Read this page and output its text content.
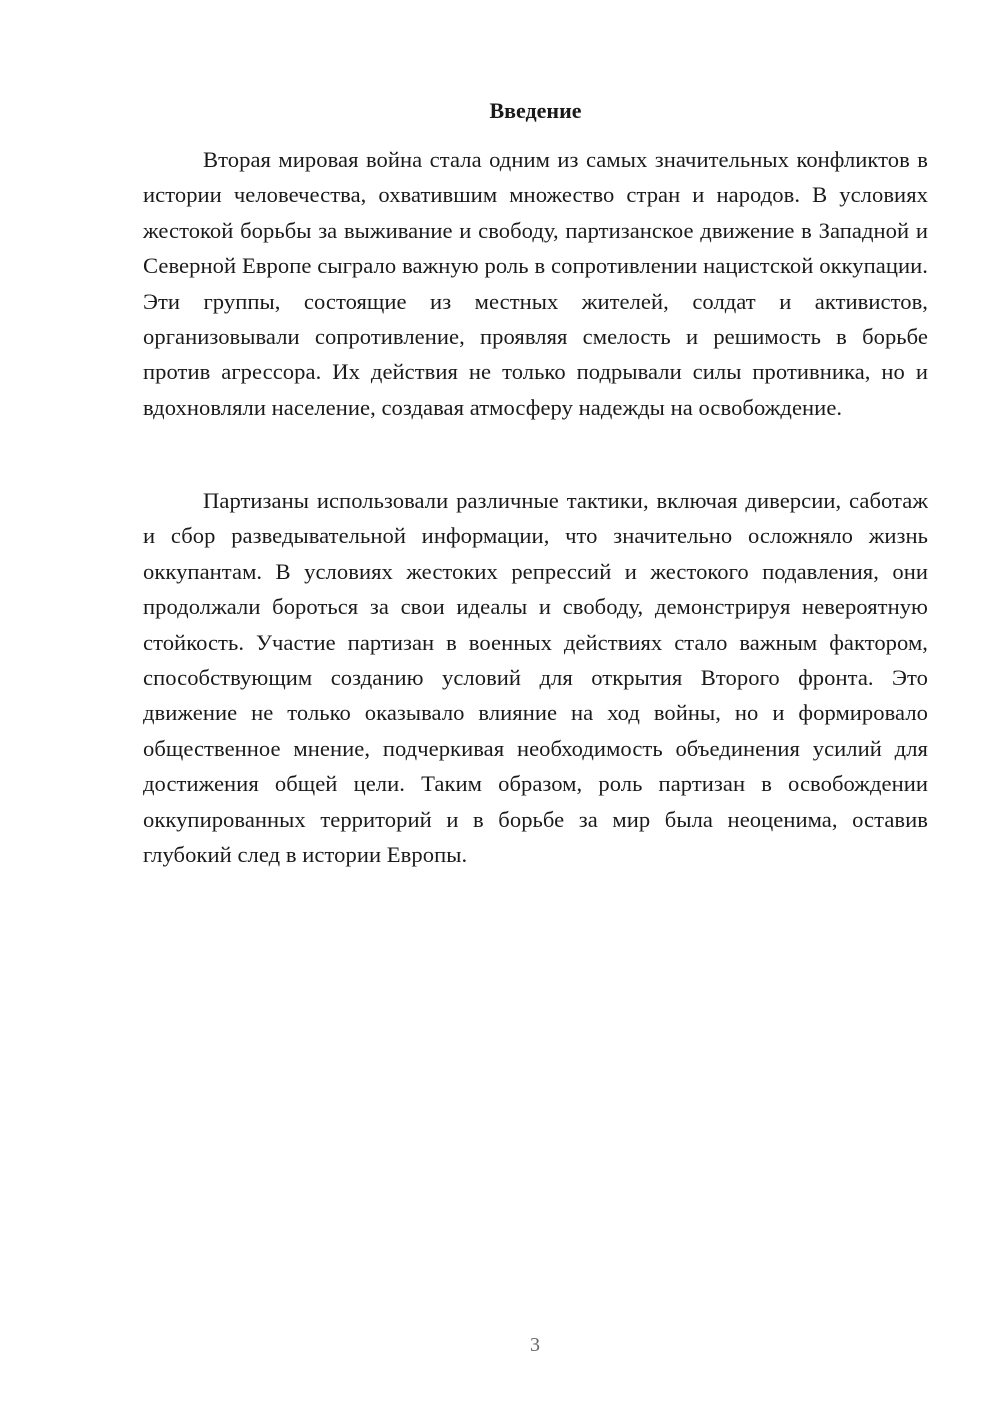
Введение

Вторая мировая война стала одним из самых значительных конфликтов в истории человечества, охватившим множество стран и народов. В условиях жестокой борьбы за выживание и свободу, партизанское движение в Западной и Северной Европе сыграло важную роль в сопротивлении нацистской оккупации. Эти группы, состоящие из местных жителей, солдат и активистов, организовывали сопротивление, проявляя смелость и решимость в борьбе против агрессора. Их действия не только подрывали силы противника, но и вдохновляли население, создавая атмосферу надежды на освобождение.

Партизаны использовали различные тактики, включая диверсии, саботаж и сбор разведывательной информации, что значительно осложняло жизнь оккупантам. В условиях жестоких репрессий и жестокого подавления, они продолжали бороться за свои идеалы и свободу, демонстрируя невероятную стойкость. Участие партизан в военных действиях стало важным фактором, способствующим созданию условий для открытия Второго фронта. Это движение не только оказывало влияние на ход войны, но и формировало общественное мнение, подчеркивая необходимость объединения усилий для достижения общей цели. Таким образом, роль партизан в освобождении оккупированных территорий и в борьбе за мир была неоценима, оставив глубокий след в истории Европы.

3
